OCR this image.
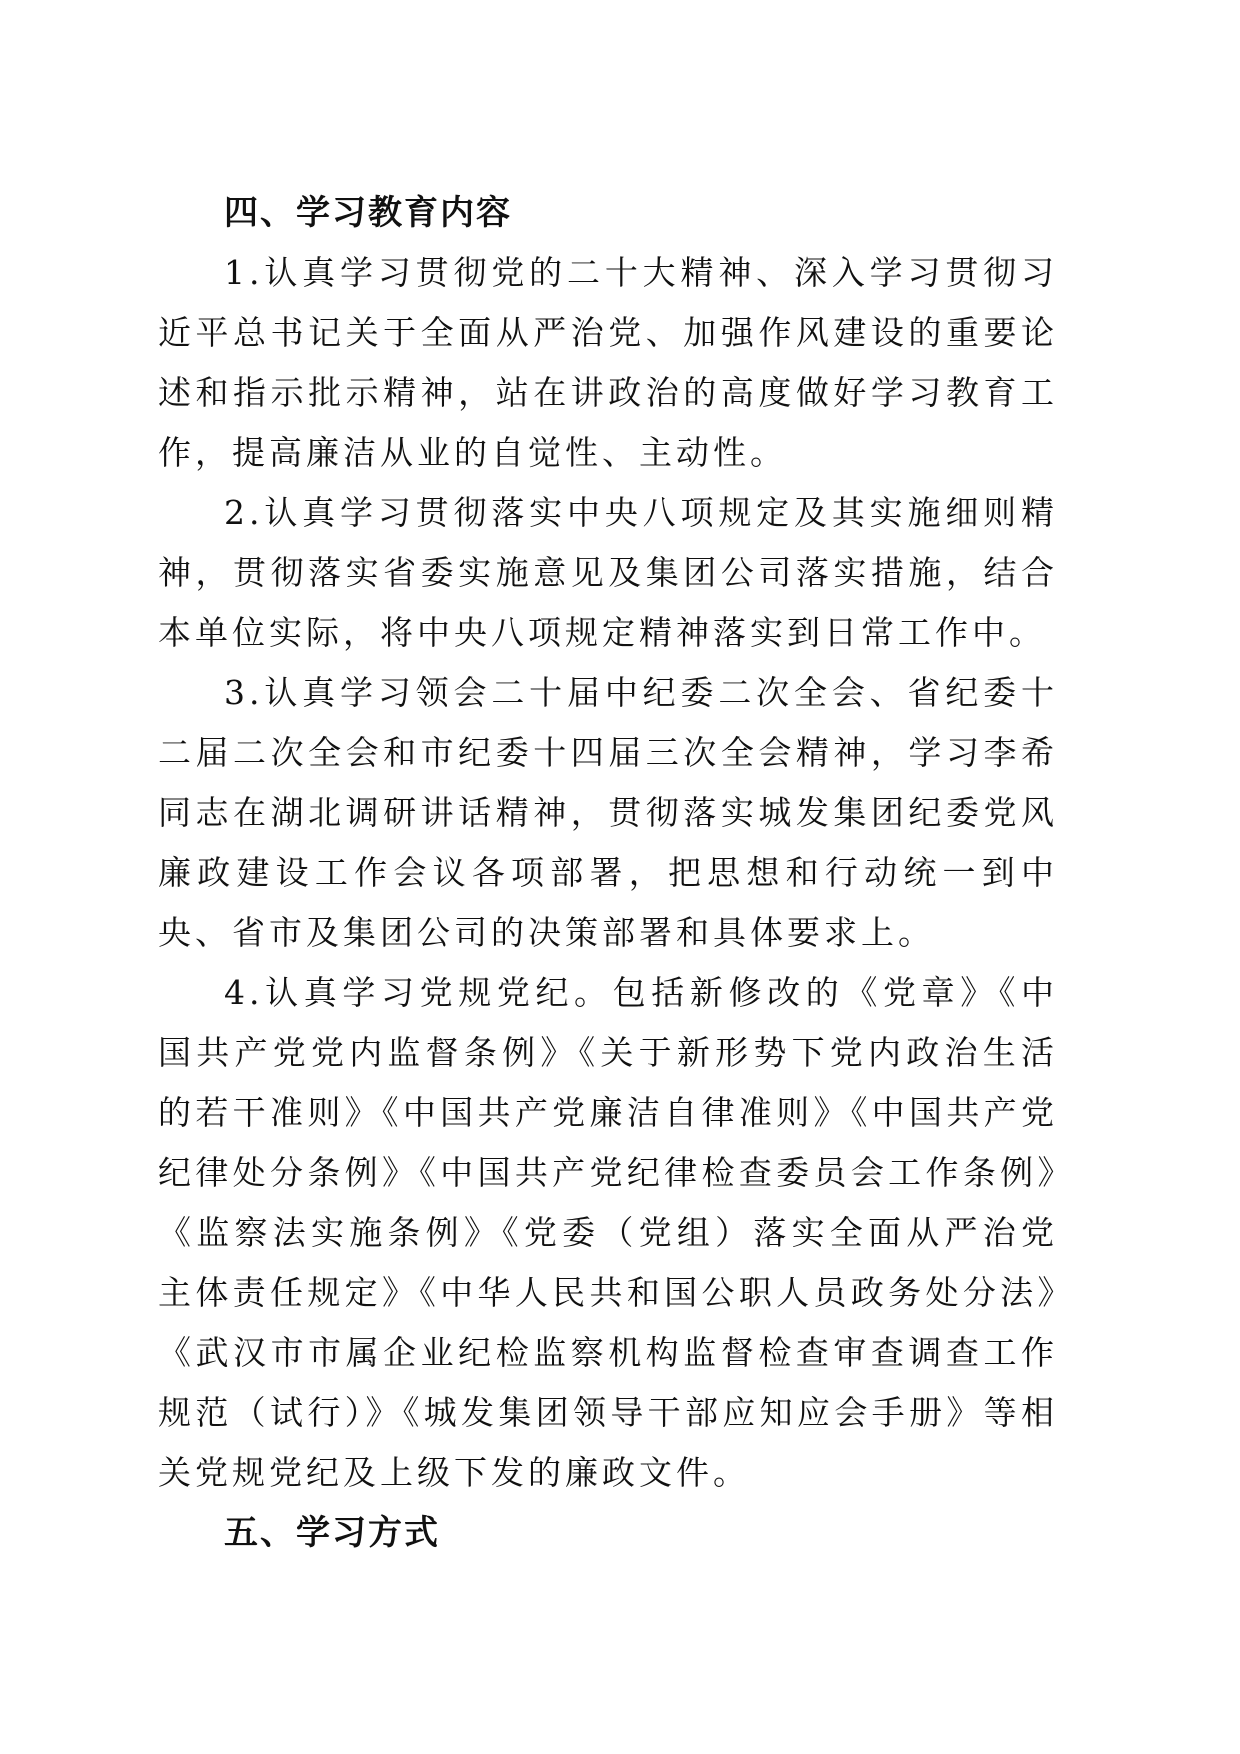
四、学习教育内容

1.认真学习贯彻党的二十大精神、深入学习贯彻习近平总书记关于全面从严治党、加强作风建设的重要论述和指示批示精神，站在讲政治的高度做好学习教育工作，提高廉洁从业的自觉性、主动性。

2.认真学习贯彻落实中央八项规定及其实施细则精神，贯彻落实省委实施意见及集团公司落实措施，结合本单位实际，将中央八项规定精神落实到日常工作中。

3.认真学习领会二十届中纪委二次全会、省纪委十二届二次全会和市纪委十四届三次全会精神，学习李希同志在湖北调研讲话精神，贯彻落实城发集团纪委党风廉政建设工作会议各项部署，把思想和行动统一到中央、省市及集团公司的决策部署和具体要求上。

4.认真学习党规党纪。包括新修改的《党章》《中国共产党党内监督条例》《关于新形势下党内政治生活的若干准则》《中国共产党廉洁自律准则》《中国共产党纪律处分条例》《中国共产党纪律检查委员会工作条例》《监察法实施条例》《党委（党组）落实全面从严治党主体责任规定》《中华人民共和国公职人员政务处分法》《武汉市市属企业纪检监察机构监督检查审查调查工作规范（试行）》《城发集团领导干部应知应会手册》等相关党规党纪及上级下发的廉政文件。

五、学习方式
